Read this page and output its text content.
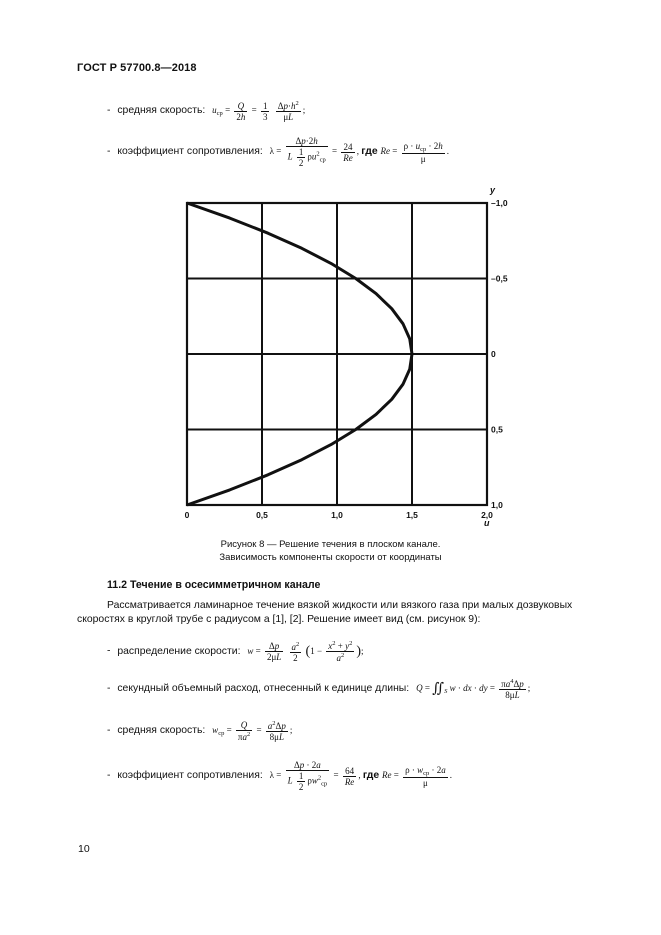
ГОСТ Р 57700.8—2018
- средняя скорость: $u_{ср} = \frac{Q}{2h} = \frac{1}{3}$
$\frac{\Delta p\cdot h^2}{\mu L}$ ;
- коэффициент сопротивления: $\lambda = \frac{\Delta p\cdot 2h}{L \frac{1}{2} \rho u^2_{ср}} = \frac{24}{Re}$ , где $Re = \frac{\rho \cdot u_{ср} \cdot 2h}{\mu}$ .
0	0,5	1,0	1,5	2,0
–1,0
–0,5
0
0,5
1,0
y
u
Рисунок 8 — Решение течения в плоском канале.
Зависимость компоненты скорости от координаты
11.2 Течение в осесимметричном канале
Рассматривается ламинарное течение вязкой жидкости или вязкого газа при малых дозвуковых
скоростях в круглой трубе с радиусом a [1], [2]. Решение имеет вид (см. рисунок 9):
- распределение скорости: $w = \frac{\Delta p}{2\mu L}$
$\frac{a^2}{2} (1 - \frac{x^2 + y^2}{a^2}$ );
- секундный объемный расход, отнесенный к единице длины: $Q = ∬_S$ w · dx · dy = $\frac{\pi a^4\Delta p}{8\mu L}$ ;
- средняя скорость: $w_{ср} = \frac{Q}{\pi a^2} = \frac{a^2\Delta p}{8\mu L}$ ;
- коэффициент сопротивления: $\lambda = \frac{\Delta p \cdot 2a}{L \frac{1}{2} \rho w^2_{ср}} = \frac{64}{Re}$ , где $Re = \frac{\rho \cdot w_{ср} \cdot 2a}{\mu}$ .
10
